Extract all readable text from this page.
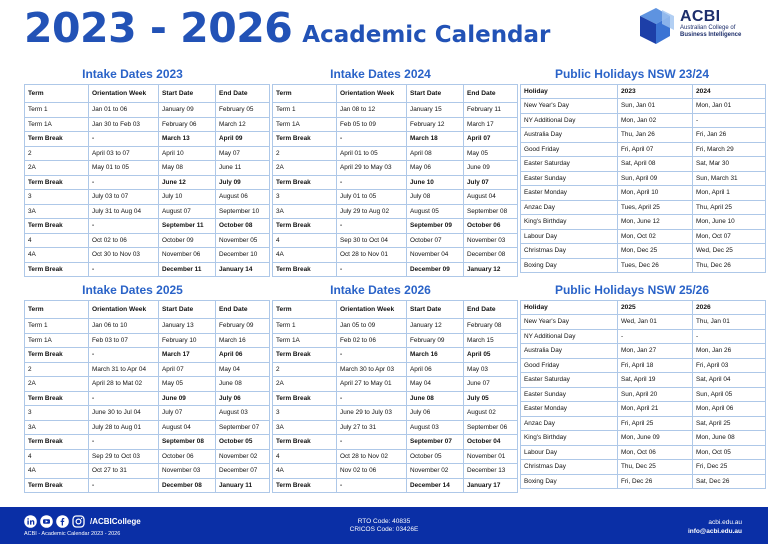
2023 - 2026 Academic Calendar
ACBI
Australian College of
Business Intelligence
Intake Dates 2023
Term	Orientation Week	Start Date	End Date
Term 1	Jan 01 to 06	January 09	February 05
Term 1A	Jan 30 to Feb 03	February 06	March 12
Term Break	-	March 13	April 09
2	April 03 to 07	April 10	May 07
2A	May 01 to 05	May 08	June 11
Term Break	-	June 12	July 09
3	July 03 to 07	July 10	August 06
3A	July 31 to Aug 04	August 07	September 10
Term Break	-	September 11	October 08
4	Oct 02 to 06	October 09	November 05
4A	Oct 30 to Nov 03	November 06	December 10
Term Break	-	December 11	January 14
Intake Dates 2024
Term	Orientation Week	Start Date	End Date
Term 1	Jan 08 to 12	January 15	February 11
Term 1A	Feb 05 to 09	February 12	March 17
Term Break	-	March 18	April 07
2	April 01 to 05	April 08	May 05
2A	April 29 to May 03	May 06	June 09
Term Break	-	June 10	July 07
3	July 01 to 05	July 08	August 04
3A	July 29 to Aug 02	August 05	September 08
Term Break	-	September 09	October 06
4	Sep 30 to Oct 04	October 07	November 03
4A	Oct 28 to Nov 01	November 04	December 08
Term Break	-	December 09	January 12
Intake Dates 2025
Term	Orientation Week	Start Date	End Date
Term 1	Jan 06 to 10	January 13	February 09
Term 1A	Feb 03 to 07	February 10	March 16
Term Break	-	March 17	April 06
2	March 31 to Apr 04	April 07	May 04
2A	April 28 to Mat 02	May 05	June 08
Term Break	-	June 09	July 06
3	June 30 to Jul 04	July 07	August 03
3A	July 28 to Aug 01	August 04	September 07
Term Break	-	September 08	October 05
4	Sep 29 to Oct 03	October 06	November 02
4A	Oct 27 to 31	November 03	December 07
Term Break	-	December 08	January 11
Intake Dates 2026
Term	Orientation Week	Start Date	End Date
Term 1	Jan 05 to 09	January 12	February 08
Term 1A	Feb 02 to 06	February 09	March 15
Term Break	-	March 16	April 05
2	March 30 to Apr 03	April 06	May 03
2A	April 27 to May 01	May 04	June 07
Term Break	-	June 08	July 05
3	June 29 to July 03	July 06	August 02
3A	July 27 to 31	August 03	September 06
Term Break	-	September 07	October 04
4	Oct 28 to Nov 02	October 05	November 01
4A	Nov 02 to 06	November 02	December 13
Term Break	-	December 14	January 17
Public Holidays NSW 23/24
Holiday	2023	2024
New Year's Day	Sun, Jan 01	Mon, Jan 01
NY Additional Day	Mon, Jan 02	-
Australia Day	Thu, Jan 26	Fri, Jan 26
Good Friday	Fri, April 07	Fri, March 29
Easter Saturday	Sat, April 08	Sat, Mar 30
Easter Sunday	Sun, April 09	Sun, March 31
Easter Monday	Mon, April 10	Mon, April 1
Anzac Day	Tues, April 25	Thu, April 25
King's Birthday	Mon, June 12	Mon, June 10
Labour Day	Mon, Oct 02	Mon, Oct 07
Christmas Day	Mon, Dec 25	Wed, Dec 25
Boxing Day	Tues, Dec 26	Thu, Dec 26
Public Holidays NSW 25/26
Holiday	2025	2026
New Year's Day	Wed, Jan 01	Thu, Jan 01
NY Additional Day	-	-
Australia Day	Mon, Jan 27	Mon, Jan 26
Good Friday	Fri, April 18	Fri, April 03
Easter Saturday	Sat, April 19	Sat, April 04
Easter Sunday	Sun, April 20	Sun, April 05
Easter Monday	Mon, April 21	Mon, April 06
Anzac Day	Fri, April 25	Sat, April 25
King's Birthday	Mon, June 09	Mon, June 08
Labour Day	Mon, Oct 06	Mon, Oct 05
Christmas Day	Thu, Dec 25	Fri, Dec 25
Boxing Day	Fri, Dec 26	Sat, Dec 26
/ACBICollege
ACBI - Academic Calendar 2023 - 2026
RTO Code: 40835
CRICOS Code: 03426E
acbi.edu.au
info@acbi.edu.au
